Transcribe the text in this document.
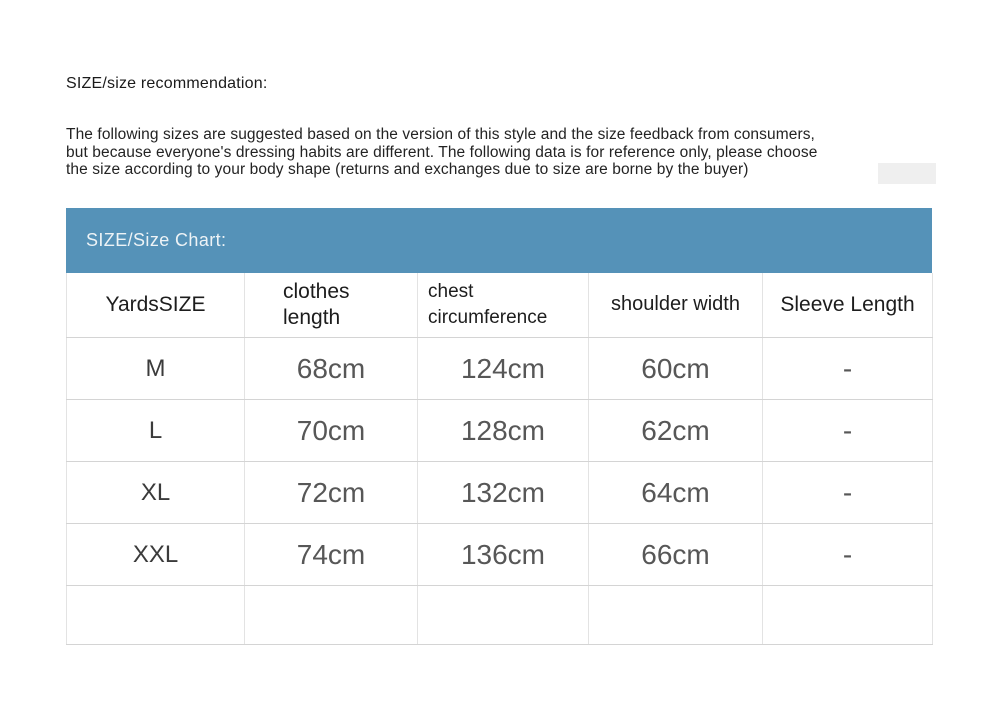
SIZE/size recommendation:
The following sizes are suggested based on the version of this style and the size feedback from consumers,
but because everyone's dressing habits are different. The following data is for reference only, please choose
the size according to your body shape (returns and exchanges due to size are borne by the buyer)
SIZE/Size Chart:
YardsSIZE	clothes length	chest circumference	shoulder width	Sleeve Length
M	68cm	124cm	60cm	-
L	70cm	128cm	62cm	-
XL	72cm	132cm	64cm	-
XXL	74cm	136cm	66cm	-
